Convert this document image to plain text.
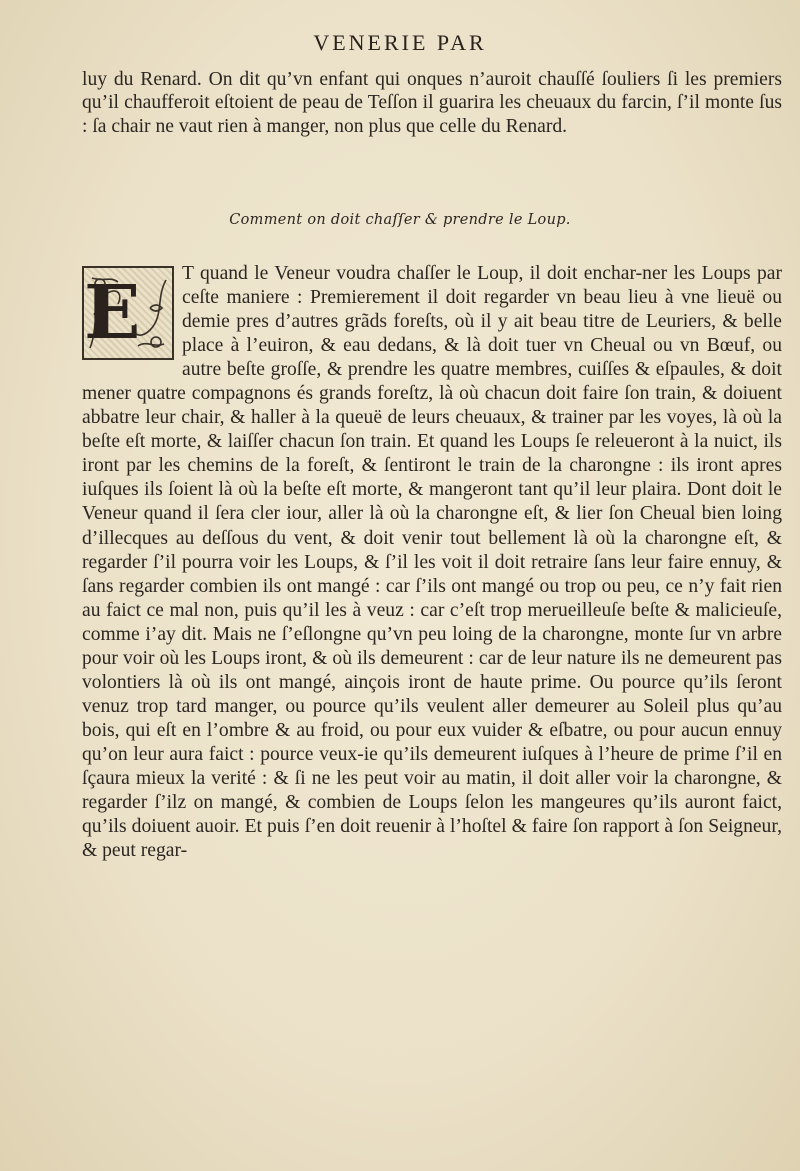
VENERIE PAR

luy du Renard. On dit qu’vn enfant qui onques n’auroit chauſſé ſouliers ſi les premiers qu’il chaufferoit eſtoient de peau de Teſſon il guarira les cheuaux du farcin, ſ’il monte ſus : ſa chair ne vaut rien à manger, non plus que celle du Renard.

Comment on doit chaſſer & prendre le Loup.

E	T quand le Veneur voudra chaſſer le Loup, il doit enchar-ner les Loups par ceſte maniere : Premierement il doit regarder vn beau lieu à vne lieuë ou demie pres d’autres grãds foreſts, où il y ait beau titre de Leuriers, & belle place à l’euiron, & eau dedans, & là doit tuer vn Cheual ou vn Bœuf, ou autre beſte groſſe, & prendre les quatre membres, cuiſſes & eſpaules, & doit mener quatre compagnons és grands foreſtz, là où chacun doit faire ſon train, & doiuent abbatre leur chair, & haller à la queuë de leurs cheuaux, & trainer par les voyes, là où la beſte eſt morte, & laiſſer chacun ſon train. Et quand les Loups ſe releueront à la nuict, ils iront par les chemins de la foreſt, & ſentiront le train de la charongne : ils iront apres iuſques ils ſoient là où la beſte eſt morte, & mangeront tant qu’il leur plaira. Dont doit le Veneur quand il ſera cler iour, aller là où la charongne eſt, & lier ſon Cheual bien loing d’illecques au deſſous du vent, & doit venir tout bellement là où la charongne eſt, & regarder ſ’il pourra voir les Loups, & ſ’il les voit il doit retraire ſans leur faire ennuy, & ſans regarder combien ils ont mangé : car ſ’ils ont mangé ou trop ou peu, ce n’y fait rien au faict ce mal non, puis qu’il les à veuz : car c’eſt trop merueilleuſe beſte & malicieuſe, comme i’ay dit. Mais ne ſ’eſlongne qu’vn peu loing de la charongne, monte ſur vn arbre pour voir où les Loups iront, & où ils demeurent : car de leur nature ils ne demeurent pas volontiers là où ils ont mangé, ainçois iront de haute prime. Ou pource qu’ils ſeront venuz trop tard manger, ou pource qu’ils veulent aller demeurer au Soleil plus qu’au bois, qui eſt en l’ombre & au froid, ou pour eux vuider & eſbatre, ou pour aucun ennuy qu’on leur aura faict : pource veux-ie qu’ils demeurent iuſques à l’heure de prime ſ’il en ſçaura mieux la verité : & ſi ne les peut voir au matin, il doit aller voir la charongne, & regarder ſ’ilz on mangé, & combien de Loups ſelon les mangeures qu’ils auront faict, qu’ils doiuent auoir. Et puis ſ’en doit reuenir à l’hoſtel & faire ſon rapport à ſon Seigneur, & peut regar-
